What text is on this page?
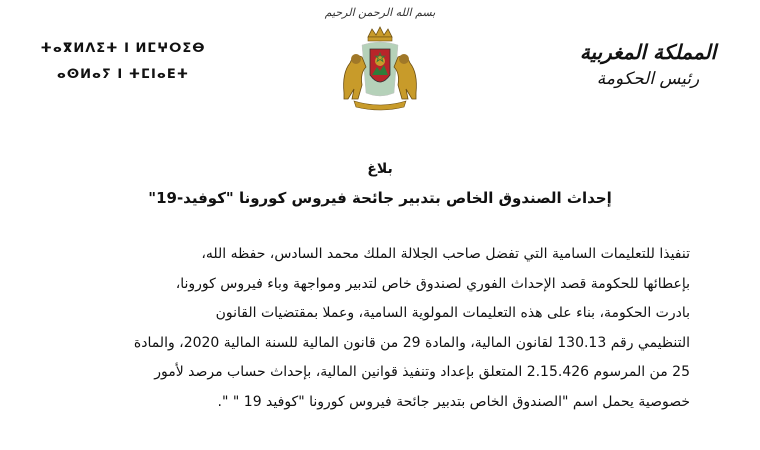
ⵜⴰⴳⵍⴷⵉⵜ ⵏ ⵍⵎⵖⵔⵉⴱ
ⴰⵙⵍⴰⵢ ⵏ ⵜⵎⵏⴰⴹⵜ
بسم الله الرحمن الرحيم
المملكة المغربية
رئيس الحكومة
بلاغ
إحداث الصندوق الخاص بتدبير جائحة فيروس كورونا "كوفيد-19"
تنفيذا للتعليمات السامية التي تفضل صاحب الجلالة الملك محمد السادس، حفظه الله،
بإعطائها للحكومة قصد الإحداث الفوري لصندوق خاص لتدبير ومواجهة وباء فيروس كورونا،
بادرت الحكومة، بناء على هذه التعليمات المولوية السامية، وعملا بمقتضيات القانون
التنظيمي رقم 130.13 لقانون المالية، والمادة 29 من قانون المالية للسنة المالية 2020، والمادة
25 من المرسوم 2.15.426 المتعلق بإعداد وتنفيذ قوانين المالية، بإحداث حساب مرصد لأمور
خصوصية يحمل اسم "الصندوق الخاص بتدبير جائحة فيروس كورونا "كوفيد 19 " ".
